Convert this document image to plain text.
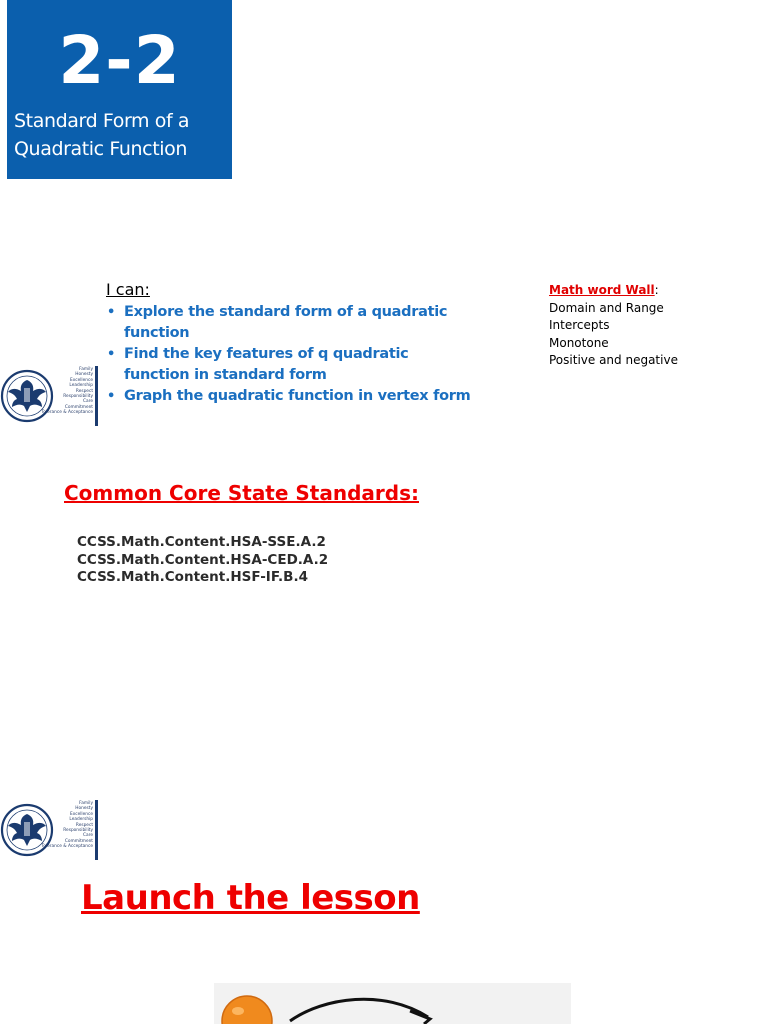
2-2
Standard Form of a
Quadratic Function
Family
Honesty
Excellence
Leadership
Respect
Responsibility
Care
Commitment
Tolerance & Acceptance
I can:
• Explore the standard form of a quadratic function
• Find the key features of q quadratic function in standard form
• Graph the quadratic function in vertex form
Math word Wall:
Domain and Range
Intercepts
Monotone
Positive and negative
Common Core State Standards:
CCSS.Math.Content.HSA-SSE.A.2
CCSS.Math.Content.HSA-CED.A.2
CCSS.Math.Content.HSF-IF.B.4
Family
Honesty
Excellence
Leadership
Respect
Responsibility
Care
Commitment
Tolerance & Acceptance
Launch the lesson
